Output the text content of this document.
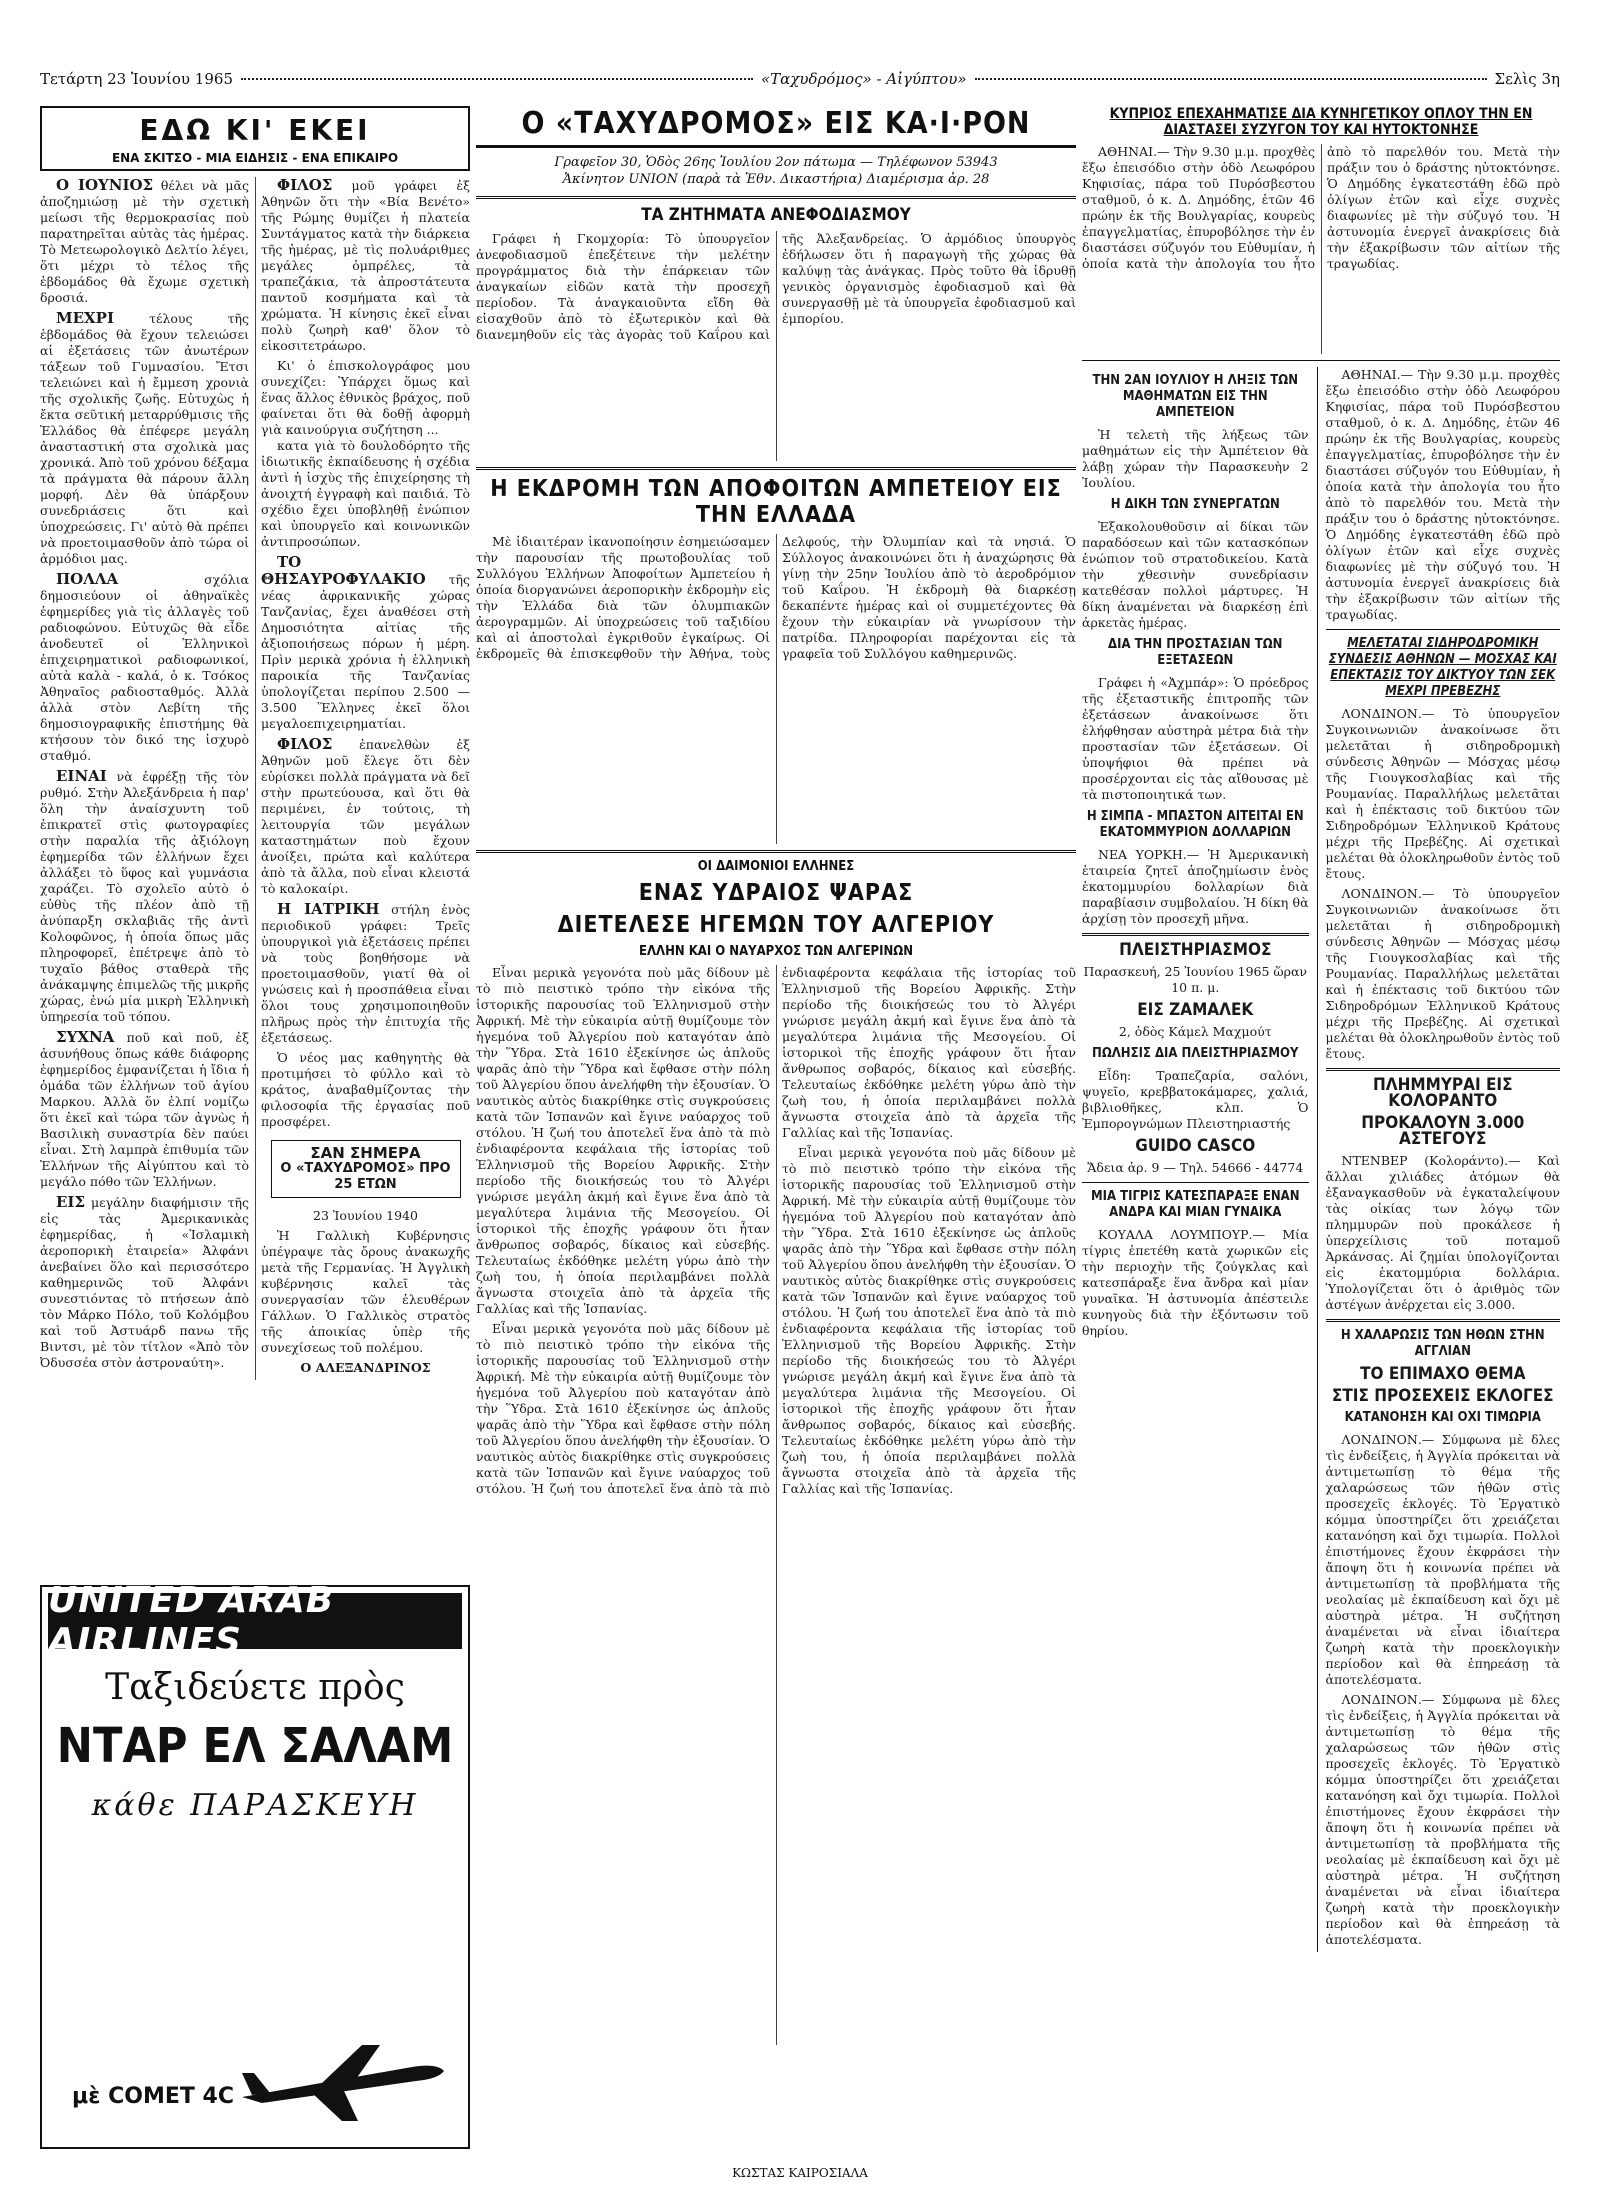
Τετάρτη 23 Ἰουνίου 1965	«Ταχυδρόμος» - Αἰγύπτου»	Σελὶς 3η
ΕΔΩ ΚΙ' ΕΚΕΙ
ΕΝΑ ΣΚΙΤΣΟ - ΜΙΑ ΕΙΔΗΣΙΣ - ΕΝΑ ΕΠΙΚΑΙΡΟ

Ο ΙΟΥΝΙΟΣ θέλει νὰ μᾶς ἀποζημιώσῃ μὲ τὴν σχετικὴ μείωσι τῆς θερμοκρασίας ποὺ παρατηρεῖται αὐτὰς τὰς ἡμέρας. Τὸ Μετεωρολογικὸ Δελτίο λέγει, ὅτι μέχρι τὸ τέλος τῆς ἑβδομάδος θὰ ἔχωμε σχετικὴ δροσιά.

ΜΕΧΡΙ	τέλους τῆς ἑβδομάδος θὰ ἔχουν τελειώσει αἱ ἐξετάσεις τῶν ἀνωτέρων τάξεων τοῦ Γυμνασίου. Ἔτσι τελειώνει καὶ ἡ ἔμμεση χρονιὰ τῆς σχολικῆς ζωῆς. Εὐτυχὼς ἡ ἔκτα σεῦτική μεταρρύθμισις τῆς Ἑλλάδος θὰ ἐπέφερε μεγάλη ἀνασταστική στα σχολικὰ μας χρονικά. Ἀπὸ τοῦ χρόνου δέξαμα τὰ πράγματα θὰ πάρουν ἄλλη μορφή. Δὲν θὰ ὑπάρξουν συνεδριάσεις ὅτι καὶ ὑποχρεώσεις. Γι' αὐτὸ θὰ πρέπει νὰ προετοιμασθοῦν ἀπὸ τώρα οἱ ἀρμόδιοι μας.

ΠΟΛΛΑ	σχόλια δημοσιεύουν οἱ ἀθηναϊκὲς ἐφημερίδες γιὰ τὶς ἀλλαγὲς τοῦ ραδιοφώνου. Εὐτυχῶς θὰ εἶδε ἀνοδευτεῖ οἱ Ἑλληνικοὶ ἐπιχειρηματικοὶ ραδιοφωνικοί, αὐτὰ καλὰ - καλά, ὁ κ. Τσόκος Ἀθηναῖος ραδιοσταθμός. Ἀλλὰ ἀλλὰ στὸν Λεβίτη τῆς δημοσιογραφικῆς ἐπιστήμης θὰ κτήσουν τὸν δικό της ἰσχυρὸ σταθμό.

ΕΙΝΑΙ νὰ ἐφρέξῃ τῆς τὸν ρυθμό. Στὴν Ἀλεξάνδρεια ἡ παρ' ὅλη τὴν ἀναίσχυντη τοῦ ἐπικρατεῖ στὶς φωτογραφίες στὴν παραλία τῆς ἀξιόλογη ἐφημερίδα τῶν ἑλλήνων ἔχει ἀλλάξει τὸ ὕφος καὶ γυμνάσια χαράζει. Τὸ σχολεῖο αὐτὸ ὁ εὐθὺς τῆς πλέον ἀπὸ τῇ ἀνύπαρξη σκλαβιᾶς τῆς ἀντὶ Κολοφῶνος, ἡ ὁποία ὅπως μᾶς πληροφορεῖ, ἐπέτρεψε ἀπὸ τὸ τυχαῖο βάθος σταθερὰ τῆς ἀνάκαμψης ἐπιμελῶς τῆς μικρῆς χώρας, ἐνώ μία μικρὴ Ἑλληνικὴ ὑπηρεσία τοῦ τόπου.

ΣΥΧΝΑ ποῦ καὶ ποῦ, ἐξ ἀσυνήθους ὅπως κάθε διάφορης ἐφημερίδος ἐμφανίζεται ἡ ἴδια ἡ ὁμάδα τῶν ἑλλήνων τοῦ ἁγίου Μαρκου. Ἀλλὰ ὅν ἐλπί νομίζω ὅτι ἐκεῖ καὶ τώρα τῶν ἀγνὼς ἡ Βασιλικὴ συναστρία δὲν παύει εἶναι. Στὴ λαμπρὰ ἐπιθυμία τῶν Ἑλλήνων τῆς Αἰγύπτου καὶ τὸ μεγάλο πόθο τῶν Ἑλλήνων.

ΕΙΣ μεγάλην διαφήμισιν τῆς εἰς τὰς Ἀμερικανικὰς ἐφημερίδας, ἡ «Ἰσλαμικὴ ἀεροπορικὴ ἑταιρεία» Ἀλφάνι ἀνεβαίνει ὅλο καὶ περισσότερο καθημερινῶς τοῦ Ἀλφάνι συνεστιόντας τὸ πτήσεων ἀπὸ τὸν Μάρκο Πόλο, τοῦ Κολόμβου καὶ τοῦ Ἀστυάρδ πανω τῆς Βιντσι, μὲ τὸν τίτλον «Ἀπὸ τὸν Ὀδυσσέα στὸν ἀστροναύτη».

ΦΙΛΟΣ μοῦ γράφει ἐξ Ἀθηνῶν ὅτι τὴν «Βία Βενέτο» τῆς Ρώμης θυμίζει ἡ πλατεία Συντάγματος κατὰ τὴν διάρκεια τῆς ἡμέρας, μὲ τὶς πολυάριθμες μεγάλες ὁμπρέλες, τὰ τραπεζάκια, τὰ ἀπροστάτευτα παντοῦ κοσμήματα καὶ τὰ χρώματα. Ἡ κίνησις ἐκεῖ εἶναι πολὺ ζωηρὴ καθ' ὅλον τὸ εἰκοσιτετράωρο.

Κι' ὁ ἐπισκολογράφος μου συνεχίζει: Ὑπάρχει ὅμως καὶ ἕνας ἄλλος ἐθνικὸς βράχος, ποῦ φαίνεται ὅτι θὰ δοθῇ ἀφορμὴ γιὰ καινούργια συζήτηση ...

κατα γιὰ τὸ δουλοδόρητο τῆς ἰδιωτικῆς ἐκπαίδευσης ἡ σχέδια ἀντὶ ἡ ἰσχὺς τῆς ἐπιχείρησης τὴ ἀνοιχτή ἐγγραφὴ καὶ παιδιά. Τὸ σχέδιο ἔχει ὑποβληθῇ ἐνώπιον καὶ ὑπουργεῖο καὶ κοινωνικῶν ἀντιπροσώπων.

ΤΟ ΘΗΣΑΥΡΟΦΥΛΑΚΙΟ τῆς νέας ἀφρικανικῆς χώρας Τανζανίας, ἔχει ἀναθέσει στὴ Δημοσιότητα αἱτίας τῆς ἀξιοποιήσεως πόρων ἡ μέρη. Πρὶν μερικὰ χρόνια ἡ ἑλληνικὴ παροικία τῆς Τανζανίας ὑπολογίζεται περίπου 2.500 — 3.500 Ἕλληνες ἐκεῖ ὅλοι μεγαλοεπιχειρηματίαι.

ΦΙΛΟΣ ἐπανελθὼν ἐξ Ἀθηνῶν μοῦ ἔλεγε ὅτι δὲν εὑρίσκει πολλὰ πράγματα νὰ δεῖ στὴν πρωτεύουσα, καὶ ὅτι θὰ περιμένει, ἐν τούτοις, τὴ λειτουργία τῶν μεγάλων καταστημάτων ποὺ ἔχουν ἀνοίξει, πρώτα καὶ καλύτερα ἀπὸ τὰ ἄλλα, ποὺ εἶναι κλειστά τὸ καλοκαίρι.

Η ΙΑΤΡΙΚΗ στήλη ἑνὸς περιοδικοῦ γράφει: Τρεῖς ὑπουργικοὶ γιὰ ἐξετάσεις πρέπει νὰ τοὺς βοηθήσομε νὰ προετοιμασθοῦν, γιατί θὰ οἱ γνώσεις καὶ ἡ προσπάθεια εἶναι ὅλοι τους χρησιμοποιηθοῦν πλῆρως πρὸς τὴν ἐπιτυχία τῆς ἐξετάσεως.

Ὁ νέος μας καθηγητὴς θὰ προτιμήσει τὸ φύλλο καὶ τὸ κράτος, ἀναβαθμίζοντας τὴν φιλοσοφία τῆς ἐργασίας ποῦ προσφέρει.

ΣΑΝ ΣΗΜΕΡΑ
Ο «ΤΑΧΥΔΡΟΜΟΣ» ΠΡΟ 25 ΕΤΩΝ

23 Ἰουνίου 1940

Ἡ Γαλλικὴ Κυβέρνησις ὑπέγραψε τὰς ὄρους ἀνακωχῆς μετὰ τῆς Γερμανίας. Ἡ Ἀγγλικὴ κυβέρνησις καλεῖ τὰς συνεργασίαν τῶν ἐλευθέρων Γάλλων. Ὁ Γαλλικὸς στρατὸς τῆς ἀποικίας ὑπὲρ τῆς συνεχίσεως τοῦ πολέμου.

Ο ΑΛΕΞΑΝΔΡΙΝΟΣ

UNITED ARAB AIRLINES
Ταξιδεύετε πρὸς
ΝΤΑΡ ΕΛ ΣΑΛΑΜ
κάθε ΠΑΡΑΣΚΕΥΗ
μὲ COMET 4C
Ο «ΤΑΧΥΔΡΟΜΟΣ» ΕΙΣ ΚΑ·Ι·ΡΟΝ
Γραφεῖον 30, Ὁδὸς 26ης Ἰουλίου 2ον πάτωμα — Τηλέφωνον 53943
Ἀκίνητον UNION (παρὰ τὰ Ἐθν. Δικαστήρια) Διαμέρισμα ἀρ. 28
ΤΑ ΖΗΤΗΜΑΤΑ ΑΝΕΦΟΔΙΑΣΜΟΥ

Γράφει ἡ Γκομχορία: Τὸ ὑπουργεῖον ἀνεφοδιασμοῦ ἐπεξέτεινε τὴν μελέτην προγράμματος διὰ τὴν ἐπάρκειαν τῶν ἀναγκαίων εἰδῶν κατὰ τὴν προσεχῆ περίοδον. Τὰ ἀναγκαιοῦντα εἴδη θὰ εἰσαχθοῦν ἀπὸ τὸ ἐξωτερικὸν καὶ θὰ διανεμηθοῦν εἰς τὰς ἀγορὰς τοῦ Καΐρου καὶ τῆς Ἀλεξανδρείας. Ὁ ἀρμόδιος ὑπουργὸς ἐδήλωσεν ὅτι ἡ παραγωγὴ τῆς χώρας θὰ καλύψῃ τὰς ἀνάγκας. Πρὸς τοῦτο θὰ ἱδρυθῇ γενικὸς ὀργανισμὸς ἐφοδιασμοῦ καὶ θὰ συνεργασθῇ μὲ τὰ ὑπουργεῖα ἐφοδιασμοῦ καὶ ἐμπορίου.

Η ΕΚΔΡΟΜΗ ΤΩΝ ΑΠΟΦΟΙΤΩΝ ΑΜΠΕΤΕΙΟΥ ΕΙΣ ΤΗΝ ΕΛΛΑΔΑ

Μὲ ἰδιαιτέραν ἱκανοποίησιν ἐσημειώσαμεν τὴν παρουσίαν τῆς πρωτοβουλίας τοῦ Συλλόγου Ἑλλήνων Ἀποφοίτων Ἀμπετείου ἡ ὁποία διοργανώνει ἀεροπορικὴν ἐκδρομὴν εἰς τὴν Ἑλλάδα διὰ τῶν ὀλυμπιακῶν ἀερογραμμῶν. Αἱ ὑποχρεώσεις τοῦ ταξιδίου καὶ αἱ ἀποστολαὶ ἐγκριθοῦν ἐγκαίρως. Οἱ ἐκδρομεῖς θὰ ἐπισκεφθοῦν τὴν Ἀθήνα, τοὺς Δελφούς, τὴν Ὀλυμπίαν καὶ τὰ νησιά. Ὁ Σύλλογος ἀνακοινώνει ὅτι ἡ ἀναχώρησις θὰ γίνῃ τὴν 25ην Ἰουλίου ἀπὸ τὸ ἀεροδρόμιον τοῦ Καΐρου. Ἡ ἐκδρομὴ θὰ διαρκέσῃ δεκαπέντε ἡμέρας καὶ οἱ συμμετέχοντες θὰ ἔχουν τὴν εὐκαιρίαν νὰ γνωρίσουν τὴν πατρίδα. Πληροφορίαι παρέχονται εἰς τὰ γραφεῖα τοῦ Συλλόγου καθημερινῶς.

ΟΙ ΔΑΙΜΟΝΙΟΙ ΕΛΛΗΝΕΣ
ΕΝΑΣ ΥΔΡΑΙΟΣ ΨΑΡΑΣ
ΔΙΕΤΕΛΕΣΕ ΗΓΕΜΩΝ ΤΟΥ ΑΛΓΕΡΙΟΥ
ΕΛΛΗΝ ΚΑΙ Ο ΝΑΥΑΡΧΟΣ ΤΩΝ ΑΛΓΕΡΙΝΩΝ

Εἶναι μερικὰ γεγονότα ποὺ μᾶς δίδουν μὲ τὸ πιὸ πειστικὸ τρόπο τὴν εἰκόνα τῆς ἱστορικῆς παρουσίας τοῦ Ἑλληνισμοῦ στὴν Ἀφρική. Μὲ τὴν εὐκαιρία αὐτῇ θυμίζουμε τὸν ἡγεμόνα τοῦ Ἀλγερίου ποὺ καταγόταν ἀπὸ τὴν Ὕδρα. Στὰ 1610 ἐξεκίνησε ὡς ἁπλοῦς ψαρᾶς ἀπὸ τὴν Ὕδρα καὶ ἔφθασε στὴν πόλη τοῦ Ἀλγερίου ὅπου ἀνελήφθη τὴν ἐξουσίαν. Ὁ ναυτικὸς αὐτὸς διακρίθηκε στὶς συγκρούσεις κατὰ τῶν Ἱσπανῶν καὶ ἔγινε ναύαρχος τοῦ στόλου. Ἡ ζωή του ἀποτελεῖ ἕνα ἀπὸ τὰ πιὸ ἐνδιαφέροντα κεφάλαια τῆς ἱστορίας τοῦ Ἑλληνισμοῦ τῆς Βορείου Ἀφρικῆς. Στὴν περίοδο τῆς διοικήσεώς του τὸ Ἀλγέρι γνώρισε μεγάλη ἀκμή καὶ ἔγινε ἕνα ἀπὸ τὰ μεγαλύτερα λιμάνια τῆς Μεσογείου. Οἱ ἱστορικοὶ τῆς ἐποχῆς γράφουν ὅτι ἦταν ἄνθρωπος σοβαρός, δίκαιος καὶ εὐσεβής. Τελευταίως ἐκδόθηκε μελέτη γύρω ἀπὸ τὴν ζωὴ του, ἡ ὁποία περιλαμβάνει πολλὰ ἄγνωστα στοιχεῖα ἀπὸ τὰ ἀρχεῖα τῆς Γαλλίας καὶ τῆς Ἱσπανίας.

Εἶναι μερικὰ γεγονότα ποὺ μᾶς δίδουν μὲ τὸ πιὸ πειστικὸ τρόπο τὴν εἰκόνα τῆς ἱστορικῆς παρουσίας τοῦ Ἑλληνισμοῦ στὴν Ἀφρική. Μὲ τὴν εὐκαιρία αὐτῇ θυμίζουμε τὸν ἡγεμόνα τοῦ Ἀλγερίου ποὺ καταγόταν ἀπὸ τὴν Ὕδρα. Στὰ 1610 ἐξεκίνησε ὡς ἁπλοῦς ψαρᾶς ἀπὸ τὴν Ὕδρα καὶ ἔφθασε στὴν πόλη τοῦ Ἀλγερίου ὅπου ἀνελήφθη τὴν ἐξουσίαν. Ὁ ναυτικὸς αὐτὸς διακρίθηκε στὶς συγκρούσεις κατὰ τῶν Ἱσπανῶν καὶ ἔγινε ναύαρχος τοῦ στόλου. Ἡ ζωή του ἀποτελεῖ ἕνα ἀπὸ τὰ πιὸ ἐνδιαφέροντα κεφάλαια τῆς ἱστορίας τοῦ Ἑλληνισμοῦ τῆς Βορείου Ἀφρικῆς. Στὴν περίοδο τῆς διοικήσεώς του τὸ Ἀλγέρι γνώρισε μεγάλη ἀκμή καὶ ἔγινε ἕνα ἀπὸ τὰ μεγαλύτερα λιμάνια τῆς Μεσογείου. Οἱ ἱστορικοὶ τῆς ἐποχῆς γράφουν ὅτι ἦταν ἄνθρωπος σοβαρός, δίκαιος καὶ εὐσεβής. Τελευταίως ἐκδόθηκε μελέτη γύρω ἀπὸ τὴν ζωὴ του, ἡ ὁποία περιλαμβάνει πολλὰ ἄγνωστα στοιχεῖα ἀπὸ τὰ ἀρχεῖα τῆς Γαλλίας καὶ τῆς Ἱσπανίας.

Εἶναι μερικὰ γεγονότα ποὺ μᾶς δίδουν μὲ τὸ πιὸ πειστικὸ τρόπο τὴν εἰκόνα τῆς ἱστορικῆς παρουσίας τοῦ Ἑλληνισμοῦ στὴν Ἀφρική. Μὲ τὴν εὐκαιρία αὐτῇ θυμίζουμε τὸν ἡγεμόνα τοῦ Ἀλγερίου ποὺ καταγόταν ἀπὸ τὴν Ὕδρα. Στὰ 1610 ἐξεκίνησε ὡς ἁπλοῦς ψαρᾶς ἀπὸ τὴν Ὕδρα καὶ ἔφθασε στὴν πόλη τοῦ Ἀλγερίου ὅπου ἀνελήφθη τὴν ἐξουσίαν. Ὁ ναυτικὸς αὐτὸς διακρίθηκε στὶς συγκρούσεις κατὰ τῶν Ἱσπανῶν καὶ ἔγινε ναύαρχος τοῦ στόλου. Ἡ ζωή του ἀποτελεῖ ἕνα ἀπὸ τὰ πιὸ ἐνδιαφέροντα κεφάλαια τῆς ἱστορίας τοῦ Ἑλληνισμοῦ τῆς Βορείου Ἀφρικῆς. Στὴν περίοδο τῆς διοικήσεώς του τὸ Ἀλγέρι γνώρισε μεγάλη ἀκμή καὶ ἔγινε ἕνα ἀπὸ τὰ μεγαλύτερα λιμάνια τῆς Μεσογείου. Οἱ ἱστορικοὶ τῆς ἐποχῆς γράφουν ὅτι ἦταν ἄνθρωπος σοβαρός, δίκαιος καὶ εὐσεβής. Τελευταίως ἐκδόθηκε μελέτη γύρω ἀπὸ τὴν ζωὴ του, ἡ ὁποία περιλαμβάνει πολλὰ ἄγνωστα στοιχεῖα ἀπὸ τὰ ἀρχεῖα τῆς Γαλλίας καὶ τῆς Ἱσπανίας.

ΚΥΠΡΙΟΣ ΕΠΕΧΑΗΜΑΤΙΣΕ ΔΙΑ ΚΥΝΗΓΕΤΙΚΟΥ ΟΠΛΟΥ ΤΗΝ ΕΝ ΔΙΑΣΤΑΣΕΙ ΣΥΖΥΓΟΝ ΤΟΥ ΚΑΙ ΗΥΤΟΚΤΟΝΗΣΕ

ΑΘΗΝΑΙ.— Τὴν 9.30 μ.μ. προχθὲς ἔξω ἐπεισόδιο στὴν ὁδὸ Λεωφόρου Κηφισίας, πάρα τοῦ Πυρόσβεστου σταθμοῦ, ὁ κ. Δ. Δημόδης, ἐτῶν 46 πρώην ἐκ τῆς Βουλγαρίας, κουρεὺς ἐπαγγελματίας, ἐπυροβόλησε τὴν ἐν διαστάσει σύζυγόν του Εὐθυμίαν, ἡ ὁποία κατὰ τὴν ἀπολογία του ἦτο ἀπὸ τὸ παρελθόν του. Μετὰ τὴν πράξιν του ὁ δράστης ηὐτοκτόνησε. Ὁ Δημόδης ἐγκατεστάθη ἐδῶ πρὸ ὀλίγων ἐτῶν καὶ εἶχε συχνὲς διαφωνίες μὲ τὴν σύζυγό του. Ἡ ἀστυνομία ἐνεργεῖ ἀνακρίσεις διὰ τὴν ἐξακρίβωσιν τῶν αἰτίων τῆς τραγωδίας.

ΤΗΝ 2ΑΝ ΙΟΥΛΙΟΥ Η ΛΗΞΙΣ ΤΩΝ ΜΑΘΗΜΑΤΩΝ ΕΙΣ ΤΗΝ ΑΜΠΕΤΕΙΟΝ

Ἡ τελετὴ τῆς λήξεως τῶν μαθημάτων εἰς τὴν Ἀμπέτειον θὰ λάβῃ χώραν τὴν Παρασκευὴν 2 Ἰουλίου.

Η ΔΙΚΗ ΤΩΝ ΣΥΝΕΡΓΑΤΩΝ

Ἐξακολουθοῦσιν αἱ δίκαι τῶν παραδόσεων καὶ τῶν κατασκόπων ἐνώπιον τοῦ στρατοδικείου. Κατὰ τὴν χθεσινὴν συνεδρίασιν κατεθέσαν πολλοὶ μάρτυρες. Ἡ δίκη ἀναμένεται νὰ διαρκέσῃ ἐπὶ ἀρκετὰς ἡμέρας.

ΔΙΑ ΤΗΝ ΠΡΟΣΤΑΣΙΑΝ ΤΩΝ ΕΞΕΤΑΣΕΩΝ

Γράφει ἡ «Ἀχμπάρ»: Ὁ πρόεδρος τῆς ἐξεταστικῆς ἐπιτροπῆς τῶν ἐξετάσεων ἀνακοίνωσε ὅτι ἐλήφθησαν αὐστηρὰ μέτρα διὰ τὴν προστασίαν τῶν ἐξετάσεων. Οἱ ὑποψήφιοι θὰ πρέπει νὰ προσέρχονται εἰς τὰς αἴθουσας μὲ τὰ πιστοποιητικά των.

Η ΣΙΜΠΑ - ΜΠΑΣΤΟΝ ΑΙΤΕΙΤΑΙ ΕΝ ΕΚΑΤΟΜΜΥΡΙΟΝ ΔΟΛΛΑΡΙΩΝ

ΝΕΑ ΥΟΡΚΗ.— Ἡ Ἀμερικανικὴ ἑταιρεία ζητεῖ ἀποζημίωσιν ἑνὸς ἑκατομμυρίου δολλαρίων διὰ παραβίασιν συμβολαίου. Ἡ δίκη θὰ ἀρχίσῃ τὸν προσεχῆ μῆνα.

ΠΛΕΙΣΤΗΡΙΑΣΜΟΣ

Παρασκευή, 25 Ἰουνίου 1965 ὥραν 10 π. μ.

ΕΙΣ ΖΑΜΑΛΕΚ

2, ὁδὸς Κάμελ Μαχμούτ

ΠΩΛΗΣΙΣ ΔΙΑ ΠΛΕΙΣΤΗΡΙΑΣΜΟΥ

Εἶδη: Τραπεζαρία, σαλόνι, ψυγεῖο, κρεββατοκάμαρες, χαλιά, βιβλιοθῆκες, κλπ. Ὁ Ἐμπορογνώμων Πλειστηριαστής

GUIDO CASCO

Ἄδεια ἀρ. 9 — Τηλ. 54666 - 44774

ΜΙΑ ΤΙΓΡΙΣ ΚΑΤΕΣΠΑΡΑΞΕ ΕΝΑΝ ΑΝΔΡΑ ΚΑΙ ΜΙΑΝ ΓΥΝΑΙΚΑ

ΚΟΥΑΛΑ ΛΟΥΜΠΟΥΡ.— Μία τίγρις ἐπετέθη κατὰ χωρικῶν εἰς τὴν περιοχὴν τῆς ζούγκλας καὶ κατεσπάραξε ἕνα ἄνδρα καὶ μίαν γυναῖκα. Ἡ ἀστυνομία ἀπέστειλε κυνηγοὺς διὰ τὴν ἐξόντωσιν τοῦ θηρίου.

ΑΘΗΝΑΙ.— Τὴν 9.30 μ.μ. προχθὲς ἔξω ἐπεισόδιο στὴν ὁδὸ Λεωφόρου Κηφισίας, πάρα τοῦ Πυρόσβεστου σταθμοῦ, ὁ κ. Δ. Δημόδης, ἐτῶν 46 πρώην ἐκ τῆς Βουλγαρίας, κουρεὺς ἐπαγγελματίας, ἐπυροβόλησε τὴν ἐν διαστάσει σύζυγόν του Εὐθυμίαν, ἡ ὁποία κατὰ τὴν ἀπολογία του ἦτο ἀπὸ τὸ παρελθόν του. Μετὰ τὴν πράξιν του ὁ δράστης ηὐτοκτόνησε. Ὁ Δημόδης ἐγκατεστάθη ἐδῶ πρὸ ὀλίγων ἐτῶν καὶ εἶχε συχνὲς διαφωνίες μὲ τὴν σύζυγό του. Ἡ ἀστυνομία ἐνεργεῖ ἀνακρίσεις διὰ τὴν ἐξακρίβωσιν τῶν αἰτίων τῆς τραγωδίας.

ΜΕΛΕΤΑΤΑΙ ΣΙΔΗΡΟΔΡΟΜΙΚΗ ΣΥΝΔΕΣΙΣ ΑΘΗΝΩΝ — ΜΟΣΧΑΣ ΚΑΙ ΕΠΕΚΤΑΣΙΣ ΤΟΥ ΔΙΚΤΥΟΥ ΤΩΝ ΣΕΚ ΜΕΧΡΙ ΠΡΕΒΕΖΗΣ

ΛΟΝΔΙΝΟΝ.— Τὸ ὑπουργεῖον Συγκοινωνιῶν ἀνακοίνωσε ὅτι μελετᾶται ἡ σιδηροδρομικὴ σύνδεσις Ἀθηνῶν — Μόσχας μέσῳ τῆς Γιουγκοσλαβίας καὶ τῆς Ρουμανίας. Παραλλήλως μελετᾶται καὶ ἡ ἐπέκτασις τοῦ δικτύου τῶν Σιδηροδρόμων Ἑλληνικοῦ Κράτους μέχρι τῆς Πρεβέζης. Αἱ σχετικαὶ μελέται θὰ ὁλοκληρωθοῦν ἐντὸς τοῦ ἔτους.

ΛΟΝΔΙΝΟΝ.— Τὸ ὑπουργεῖον Συγκοινωνιῶν ἀνακοίνωσε ὅτι μελετᾶται ἡ σιδηροδρομικὴ σύνδεσις Ἀθηνῶν — Μόσχας μέσῳ τῆς Γιουγκοσλαβίας καὶ τῆς Ρουμανίας. Παραλλήλως μελετᾶται καὶ ἡ ἐπέκτασις τοῦ δικτύου τῶν Σιδηροδρόμων Ἑλληνικοῦ Κράτους μέχρι τῆς Πρεβέζης. Αἱ σχετικαὶ μελέται θὰ ὁλοκληρωθοῦν ἐντὸς τοῦ ἔτους.

ΠΛΗΜΜΥΡΑΙ ΕΙΣ ΚΟΛΟΡΑΝΤΟ
ΠΡΟΚΑΛΟΥΝ 3.000 ΑΣΤΕΓΟΥΣ

ΝΤΕΝΒΕΡ (Κολοράντο).— Καὶ ἄλλαι χιλιάδες ἀτόμων θὰ ἐξαναγκασθοῦν νὰ ἐγκαταλείψουν τὰς οἰκίας των λόγῳ τῶν πλημμυρῶν ποὺ προκάλεσε ἡ ὑπερχείλισις τοῦ ποταμοῦ Ἀρκάνσας. Αἱ ζημίαι ὑπολογίζονται εἰς ἑκατομμύρια δολλάρια. Ὑπολογίζεται ὅτι ὁ ἀριθμὸς τῶν ἀστέγων ἀνέρχεται εἰς 3.000.

Η ΧΑΛΑΡΩΣΙΣ ΤΩΝ ΗΘΩΝ ΣΤΗΝ ΑΓΓΛΙΑΝ
ΤΟ ΕΠΙΜΑΧΟ ΘΕΜΑ
ΣΤΙΣ ΠΡΟΣΕΧΕΙΣ ΕΚΛΟΓΕΣ
ΚΑΤΑΝΟΗΣΗ ΚΑΙ ΟΧΙ ΤΙΜΩΡΙΑ

ΛΟΝΔΙΝΟΝ.— Σύμφωνα μὲ δλες τὶς ἐνδείξεις, ἡ Ἀγγλία πρόκειται νὰ ἀντιμετωπίσῃ τὸ θέμα τῆς χαλαρώσεως τῶν ἠθῶν στὶς προσεχεῖς ἐκλογές. Τὸ Ἐργατικὸ κόμμα ὑποστηρίζει ὅτι χρειάζεται κατανόηση καὶ ὄχι τιμωρία. Πολλοὶ ἐπιστήμονες ἔχουν ἐκφράσει τὴν ἄποψη ὅτι ἡ κοινωνία πρέπει νὰ ἀντιμετωπίσῃ τὰ προβλήματα τῆς νεολαίας μὲ ἐκπαίδευση καὶ ὄχι μὲ αὐστηρὰ μέτρα. Ἡ συζήτηση ἀναμένεται νὰ εἶναι ἰδιαίτερα ζωηρὴ κατὰ τὴν προεκλογικὴν περίοδον καὶ θὰ ἐπηρεάσῃ τὰ ἀποτελέσματα.

ΛΟΝΔΙΝΟΝ.— Σύμφωνα μὲ δλες τὶς ἐνδείξεις, ἡ Ἀγγλία πρόκειται νὰ ἀντιμετωπίσῃ τὸ θέμα τῆς χαλαρώσεως τῶν ἠθῶν στὶς προσεχεῖς ἐκλογές. Τὸ Ἐργατικὸ κόμμα ὑποστηρίζει ὅτι χρειάζεται κατανόηση καὶ ὄχι τιμωρία. Πολλοὶ ἐπιστήμονες ἔχουν ἐκφράσει τὴν ἄποψη ὅτι ἡ κοινωνία πρέπει νὰ ἀντιμετωπίσῃ τὰ προβλήματα τῆς νεολαίας μὲ ἐκπαίδευση καὶ ὄχι μὲ αὐστηρὰ μέτρα. Ἡ συζήτηση ἀναμένεται νὰ εἶναι ἰδιαίτερα ζωηρὴ κατὰ τὴν προεκλογικὴν περίοδον καὶ θὰ ἐπηρεάσῃ τὰ ἀποτελέσματα.

ΚΩΣΤΑΣ ΚΑΙΡΟΣΙΑΛΑ
